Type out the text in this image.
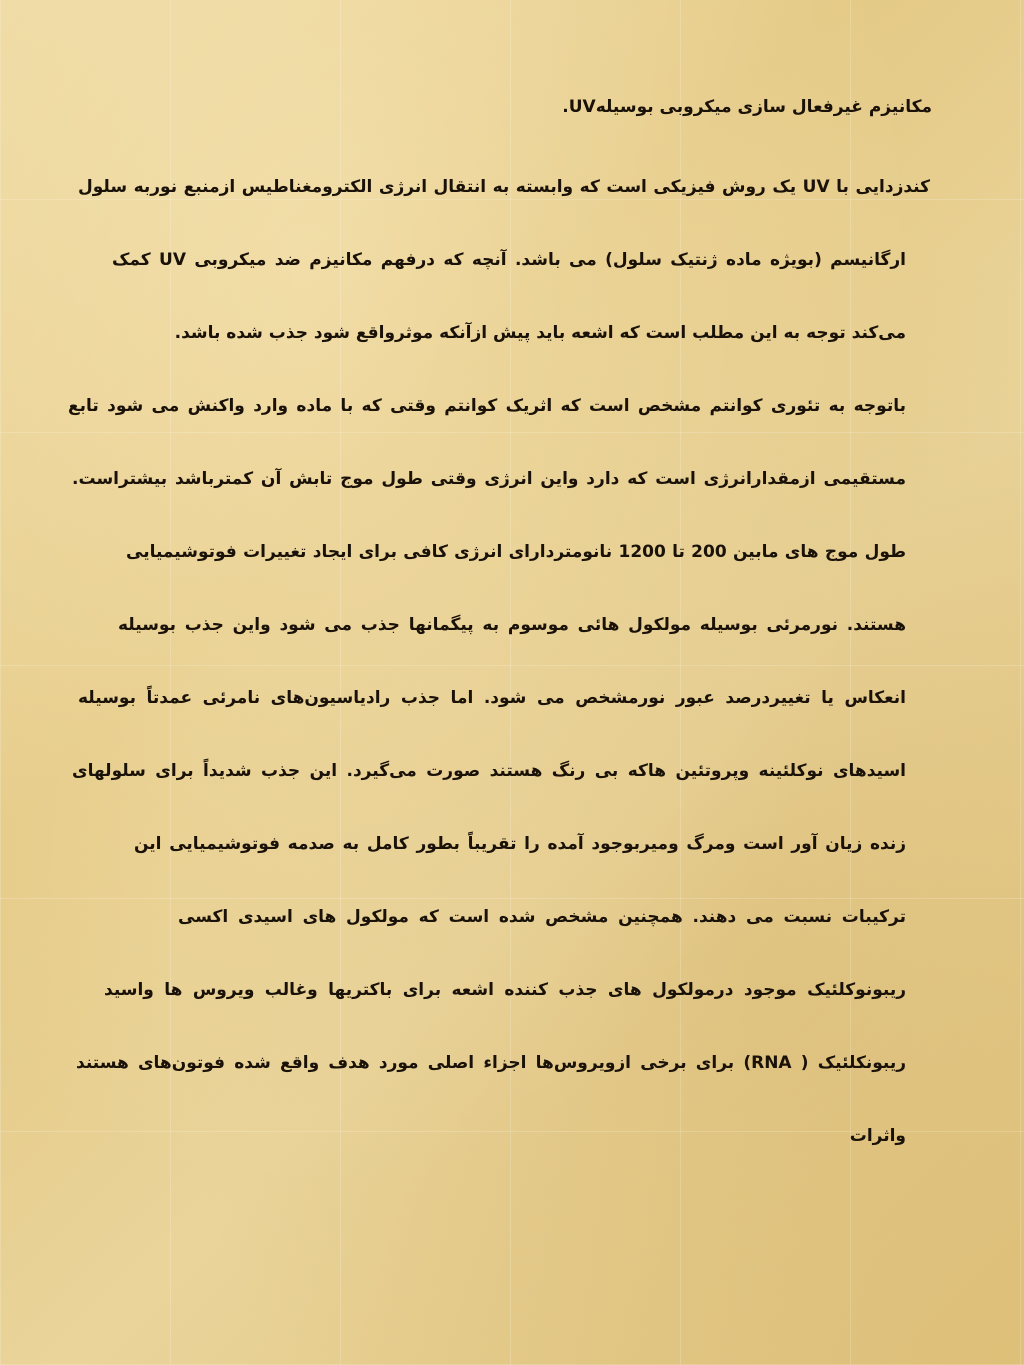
مکانیزم غیرفعال سازی میکروبی بوسیلهUV.
کندزدایی با UV یک روش فیزیکی است که وابسته به انتقال انرژی الکترومغناطیس ازمنبع نوربه سلول
ارگانیسم (بویژه ماده ژنتیک سلول) می باشد. آنچه که درفهم مکانیزم ضد میکروبی UV کمک
می‌کند توجه به این مطلب است که اشعه باید پیش ازآنکه موثرواقع شود جذب شده باشد.
باتوجه به تئوری کوانتم مشخص است که اثریک کوانتم وقتی که با ماده وارد واکنش می شود تابع
مستقیمی ازمقدارانرژی است که دارد واین انرژی وقتی طول موج تابش آن کمترباشد بیشتراست.
طول موج های مابین 200 تا 1200 نانومتردارای انرژی کافی برای ایجاد تغییرات فوتوشیمیایی
هستند. نورمرئی بوسیله مولکول هائی موسوم به پیگمانها جذب می شود واین جذب بوسیله
انعکاس یا تغییردرصد عبور نورمشخص می شود. اما جذب رادیاسیون‌های نامرئی عمدتاً بوسیله
اسیدهای نوکلئینه وپروتئین هاکه بی رنگ هستند صورت می‌گیرد. این جذب شدیداً برای سلولهای
زنده زیان آور است ومرگ ومیربوجود آمده را تقریباً بطور کامل به صدمه فوتوشیمیایی این
ترکیبات نسبت می دهند. همچنین مشخص شده است که مولکول های اسیدی اکسی
ریبونوکلئیک موجود درمولکول های جذب کننده اشعه برای باکتریها وغالب ویروس ها واسید
ریبونکلئیک ( RNA) برای برخی ازویروس‌ها اجزاء اصلی مورد هدف واقع شده فوتون‌های هستند
واثرات
